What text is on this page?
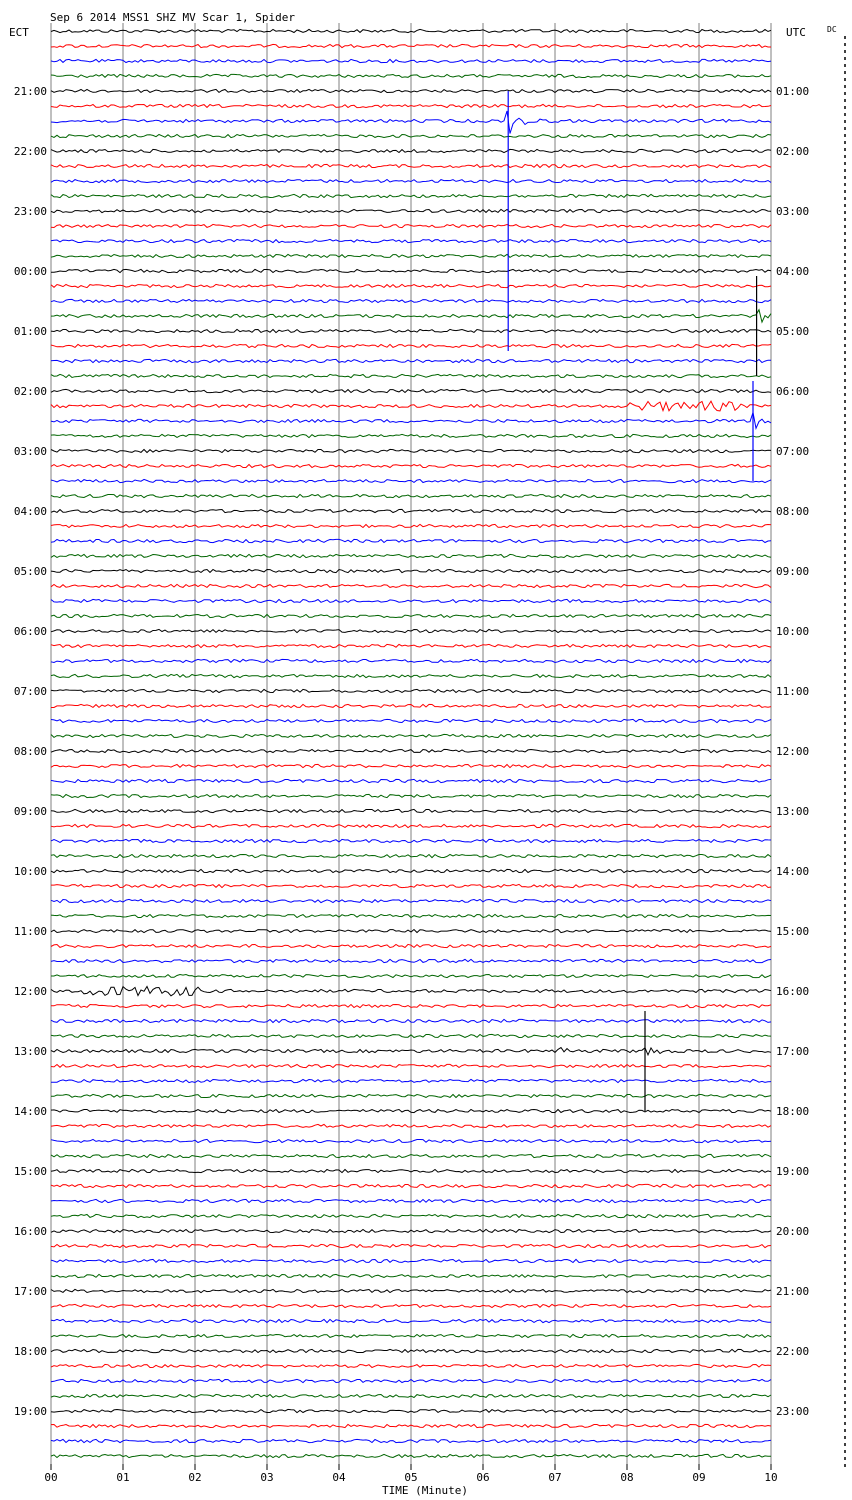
Sep 6 2014 MSS1 SHZ MV Scar 1, Spider
ECT	UTC	DC
21:00
22:00
23:00
00:00
01:00
02:00
03:00
04:00
05:00
06:00
07:00
08:00
09:00
10:00
11:00
12:00
13:00
14:00
15:00
16:00
17:00
18:00
19:00
01:00
02:00
03:00
04:00
05:00
06:00
07:00
08:00
09:00
10:00
11:00
12:00
13:00
14:00
15:00
16:00
17:00
18:00
19:00
20:00
21:00
22:00
23:00
00	01	02	03	04	05	06	07	08	09	10
TIME (Minute)
